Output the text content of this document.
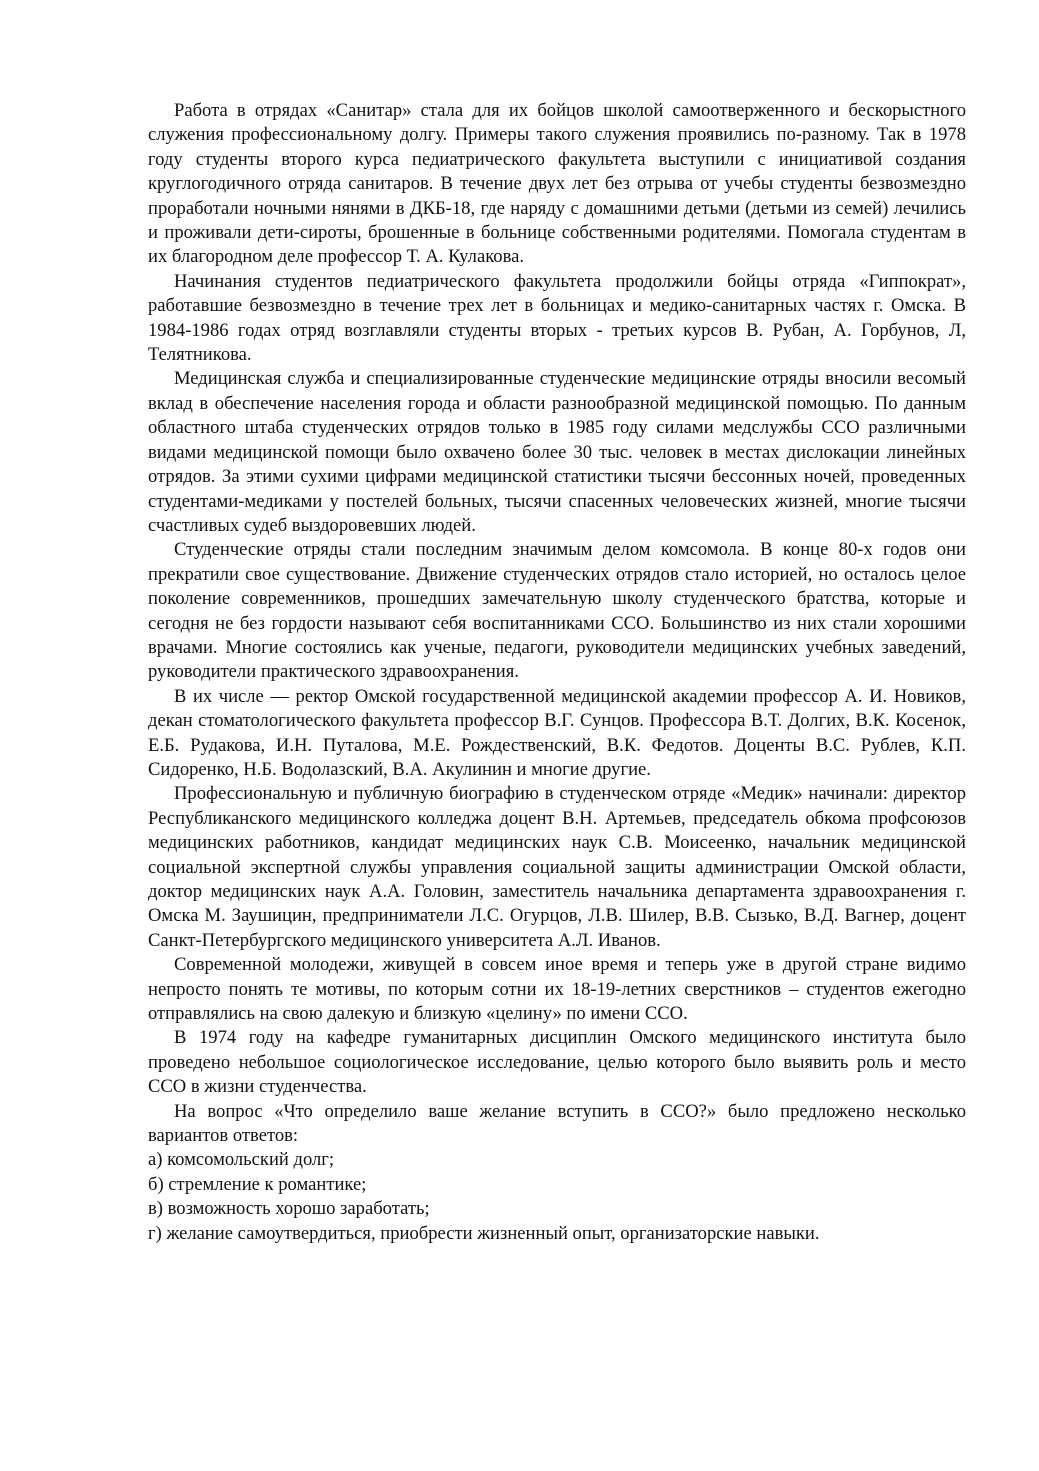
Работа в отрядах «Санитар» стала для их бойцов школой самоотверженного и бескорыстного служения профессиональному долгу. Примеры такого служения проявились по-разному. Так в 1978 году студенты второго курса педиатрического факультета выступили с инициативой создания круглогодичного отряда санитаров. В течение двух лет без отрыва от учебы студенты безвозмездно проработали ночными нянями в ДКБ-18, где наряду с домашними детьми (детьми из семей) лечились и проживали дети-сироты, брошенные в больнице собственными родителями. Помогала студентам в их благородном деле профессор Т. А. Кулакова.

Начинания студентов педиатрического факультета продолжили бойцы отряда «Гиппократ», работавшие безвозмездно в течение трех лет в больницах и медико-санитарных частях г. Омска. В 1984-1986 годах отряд возглавляли студенты вторых - третьих курсов В. Рубан, А. Горбунов, Л, Телятникова.

Медицинская служба и специализированные студенческие медицинские отряды вносили весомый вклад в обеспечение населения города и области разнообразной медицинской помощью. По данным областного штаба студенческих отрядов только в 1985 году силами медслужбы ССО различными видами медицинской помощи было охвачено более 30 тыс. человек в местах дислокации линейных отрядов. За этими сухими цифрами медицинской статистики тысячи бессонных ночей, проведенных студентами-медиками у постелей больных, тысячи спасенных человеческих жизней, многие тысячи счастливых судеб выздоровевших людей.

Студенческие отряды стали последним значимым делом комсомола. В конце 80-х годов они прекратили свое существование. Движение студенческих отрядов стало историей, но осталось целое поколение современников, прошедших замечательную школу студенческого братства, которые и сегодня не без гордости называют себя воспитанниками ССО. Большинство из них стали хорошими врачами. Многие состоялись как ученые, педагоги, руководители медицинских учебных заведений, руководители практического здравоохранения.

В их числе — ректор Омской государственной медицинской академии профессор А. И. Новиков, декан стоматологического факультета профессор В.Г. Сунцов. Профессора В.Т. Долгих, В.К. Косенок, Е.Б. Рудакова, И.Н. Путалова, М.Е. Рождественский, В.К. Федотов. Доценты В.С. Рублев, К.П. Сидоренко, Н.Б. Водолазский, В.А. Акулинин и многие другие.

Профессиональную и публичную биографию в студенческом отряде «Медик» начинали: директор Республиканского медицинского колледжа доцент В.Н. Артемьев, председатель обкома профсоюзов медицинских работников, кандидат медицинских наук С.В. Моисеенко, начальник медицинской социальной экспертной службы управления социальной защиты администрации Омской области, доктор медицинских наук А.А. Головин, заместитель начальника департамента здравоохранения г. Омска М. Заушицин, предприниматели Л.С. Огурцов, Л.В. Шилер, В.В. Сызько, В.Д. Вагнер, доцент Санкт-Петербургского медицинского университета А.Л. Иванов.

Современной молодежи, живущей в совсем иное время и теперь уже в другой стране видимо непросто понять те мотивы, по которым сотни их 18-19-летних сверстников – студентов ежегодно отправлялись на свою далекую и близкую «целину» по имени ССО.

В 1974 году на кафедре гуманитарных дисциплин Омского медицинского института было проведено небольшое социологическое исследование, целью которого было выявить роль и место ССО в жизни студенчества.

На вопрос «Что определило ваше желание вступить в ССО?» было предложено несколько вариантов ответов:

а) комсомольский долг;

б) стремление к романтике;

в) возможность хорошо заработать;

г) желание самоутвердиться, приобрести жизненный опыт, организаторские навыки.
